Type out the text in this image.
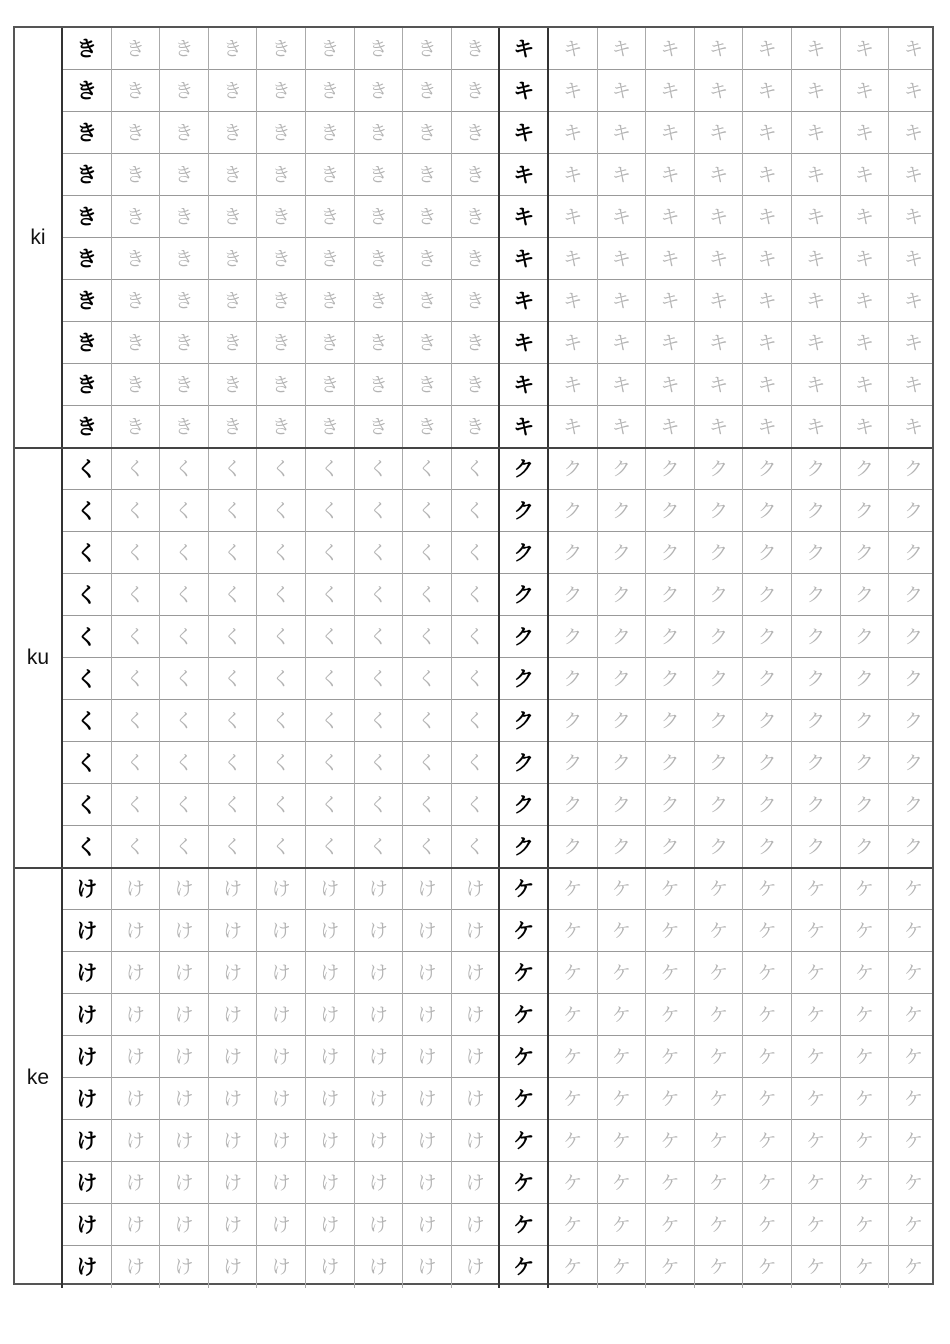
ki
き	き	き	き	き	き	き	き	き	キ	キ	キ	キ	キ	キ	キ	キ	キ
き	き	き	き	き	き	き	き	き	キ	キ	キ	キ	キ	キ	キ	キ	キ
き	き	き	き	き	き	き	き	き	キ	キ	キ	キ	キ	キ	キ	キ	キ
き	き	き	き	き	き	き	き	き	キ	キ	キ	キ	キ	キ	キ	キ	キ
き	き	き	き	き	き	き	き	き	キ	キ	キ	キ	キ	キ	キ	キ	キ
き	き	き	き	き	き	き	き	き	キ	キ	キ	キ	キ	キ	キ	キ	キ
き	き	き	き	き	き	き	き	き	キ	キ	キ	キ	キ	キ	キ	キ	キ
き	き	き	き	き	き	き	き	き	キ	キ	キ	キ	キ	キ	キ	キ	キ
き	き	き	き	き	き	き	き	き	キ	キ	キ	キ	キ	キ	キ	キ	キ
き	き	き	き	き	き	き	き	き	キ	キ	キ	キ	キ	キ	キ	キ	キ
ku
く	く	く	く	く	く	く	く	く	ク	ク	ク	ク	ク	ク	ク	ク	ク
く	く	く	く	く	く	く	く	く	ク	ク	ク	ク	ク	ク	ク	ク	ク
く	く	く	く	く	く	く	く	く	ク	ク	ク	ク	ク	ク	ク	ク	ク
く	く	く	く	く	く	く	く	く	ク	ク	ク	ク	ク	ク	ク	ク	ク
く	く	く	く	く	く	く	く	く	ク	ク	ク	ク	ク	ク	ク	ク	ク
く	く	く	く	く	く	く	く	く	ク	ク	ク	ク	ク	ク	ク	ク	ク
く	く	く	く	く	く	く	く	く	ク	ク	ク	ク	ク	ク	ク	ク	ク
く	く	く	く	く	く	く	く	く	ク	ク	ク	ク	ク	ク	ク	ク	ク
く	く	く	く	く	く	く	く	く	ク	ク	ク	ク	ク	ク	ク	ク	ク
く	く	く	く	く	く	く	く	く	ク	ク	ク	ク	ク	ク	ク	ク	ク
ke
け	け	け	け	け	け	け	け	け	ケ	ケ	ケ	ケ	ケ	ケ	ケ	ケ	ケ
け	け	け	け	け	け	け	け	け	ケ	ケ	ケ	ケ	ケ	ケ	ケ	ケ	ケ
け	け	け	け	け	け	け	け	け	ケ	ケ	ケ	ケ	ケ	ケ	ケ	ケ	ケ
け	け	け	け	け	け	け	け	け	ケ	ケ	ケ	ケ	ケ	ケ	ケ	ケ	ケ
け	け	け	け	け	け	け	け	け	ケ	ケ	ケ	ケ	ケ	ケ	ケ	ケ	ケ
け	け	け	け	け	け	け	け	け	ケ	ケ	ケ	ケ	ケ	ケ	ケ	ケ	ケ
け	け	け	け	け	け	け	け	け	ケ	ケ	ケ	ケ	ケ	ケ	ケ	ケ	ケ
け	け	け	け	け	け	け	け	け	ケ	ケ	ケ	ケ	ケ	ケ	ケ	ケ	ケ
け	け	け	け	け	け	け	け	け	ケ	ケ	ケ	ケ	ケ	ケ	ケ	ケ	ケ
け	け	け	け	け	け	け	け	け	ケ	ケ	ケ	ケ	ケ	ケ	ケ	ケ	ケ
